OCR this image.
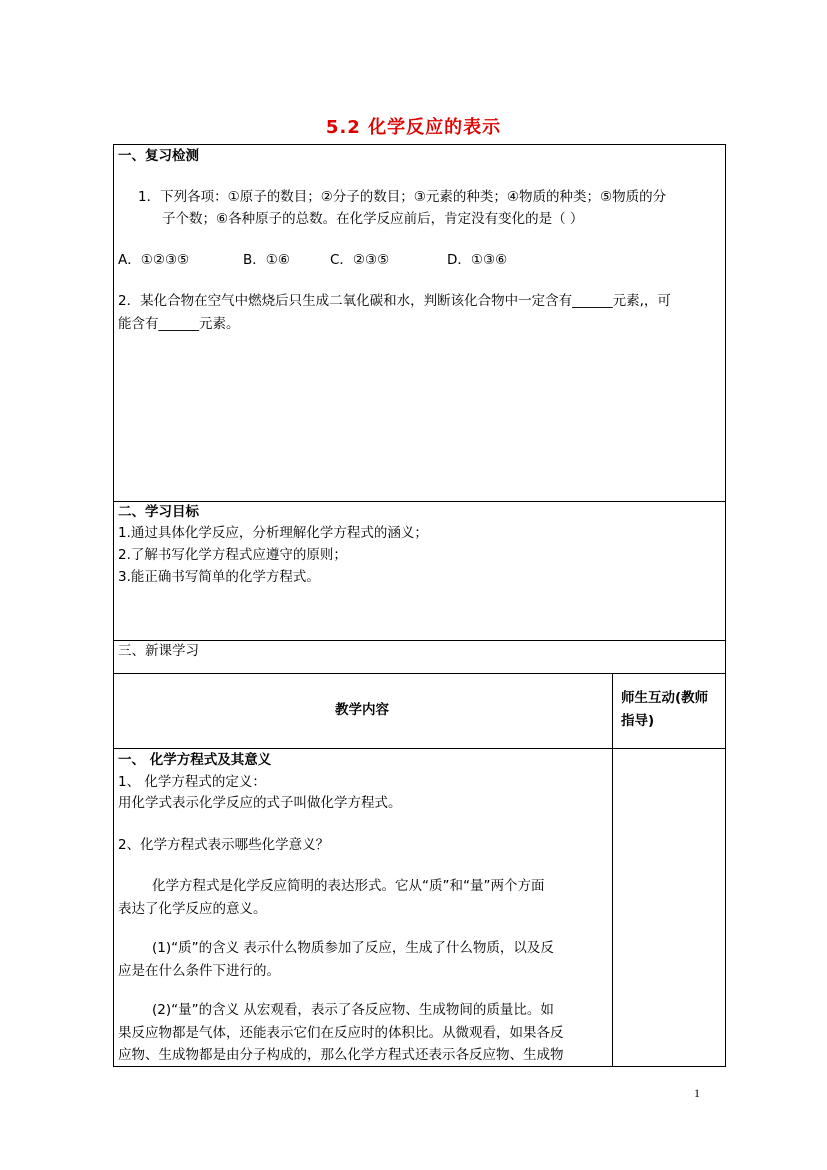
5.2 化学反应的表示
一、复习检测
1．下列各项：①原子的数目；②分子的数目；③元素的种类；④物质的种类；⑤物质的分
子个数；⑥各种原子的总数。在化学反应前后，肯定没有变化的是（ ）
A．①②③⑤	B．①⑥	C．②③⑤	D．①③⑥
2．某化合物在空气中燃烧后只生成二氧化碳和水，判断该化合物中一定含有______元素,，可
能含有______元素。
二、学习目标
1.通过具体化学反应，分析理解化学方程式的涵义；
2.了解书写化学方程式应遵守的原则；
3.能正确书写简单的化学方程式。
三、新课学习
教学内容
师生互动(教师
指导)
一、 化学方程式及其意义
1、 化学方程式的定义：
用化学式表示化学反应的式子叫做化学方程式。
2、化学方程式表示哪些化学意义？
化学方程式是化学反应简明的表达形式。它从“质”和“量”两个方面
表达了化学反应的意义。
(1)“质”的含义 表示什么物质参加了反应，生成了什么物质，以及反
应是在什么条件下进行的。
(2)“量”的含义 从宏观看，表示了各反应物、生成物间的质量比。如
果反应物都是气体，还能表示它们在反应时的体积比。从微观看，如果各反
应物、生成物都是由分子构成的，那么化学方程式还表示各反应物、生成物
1
